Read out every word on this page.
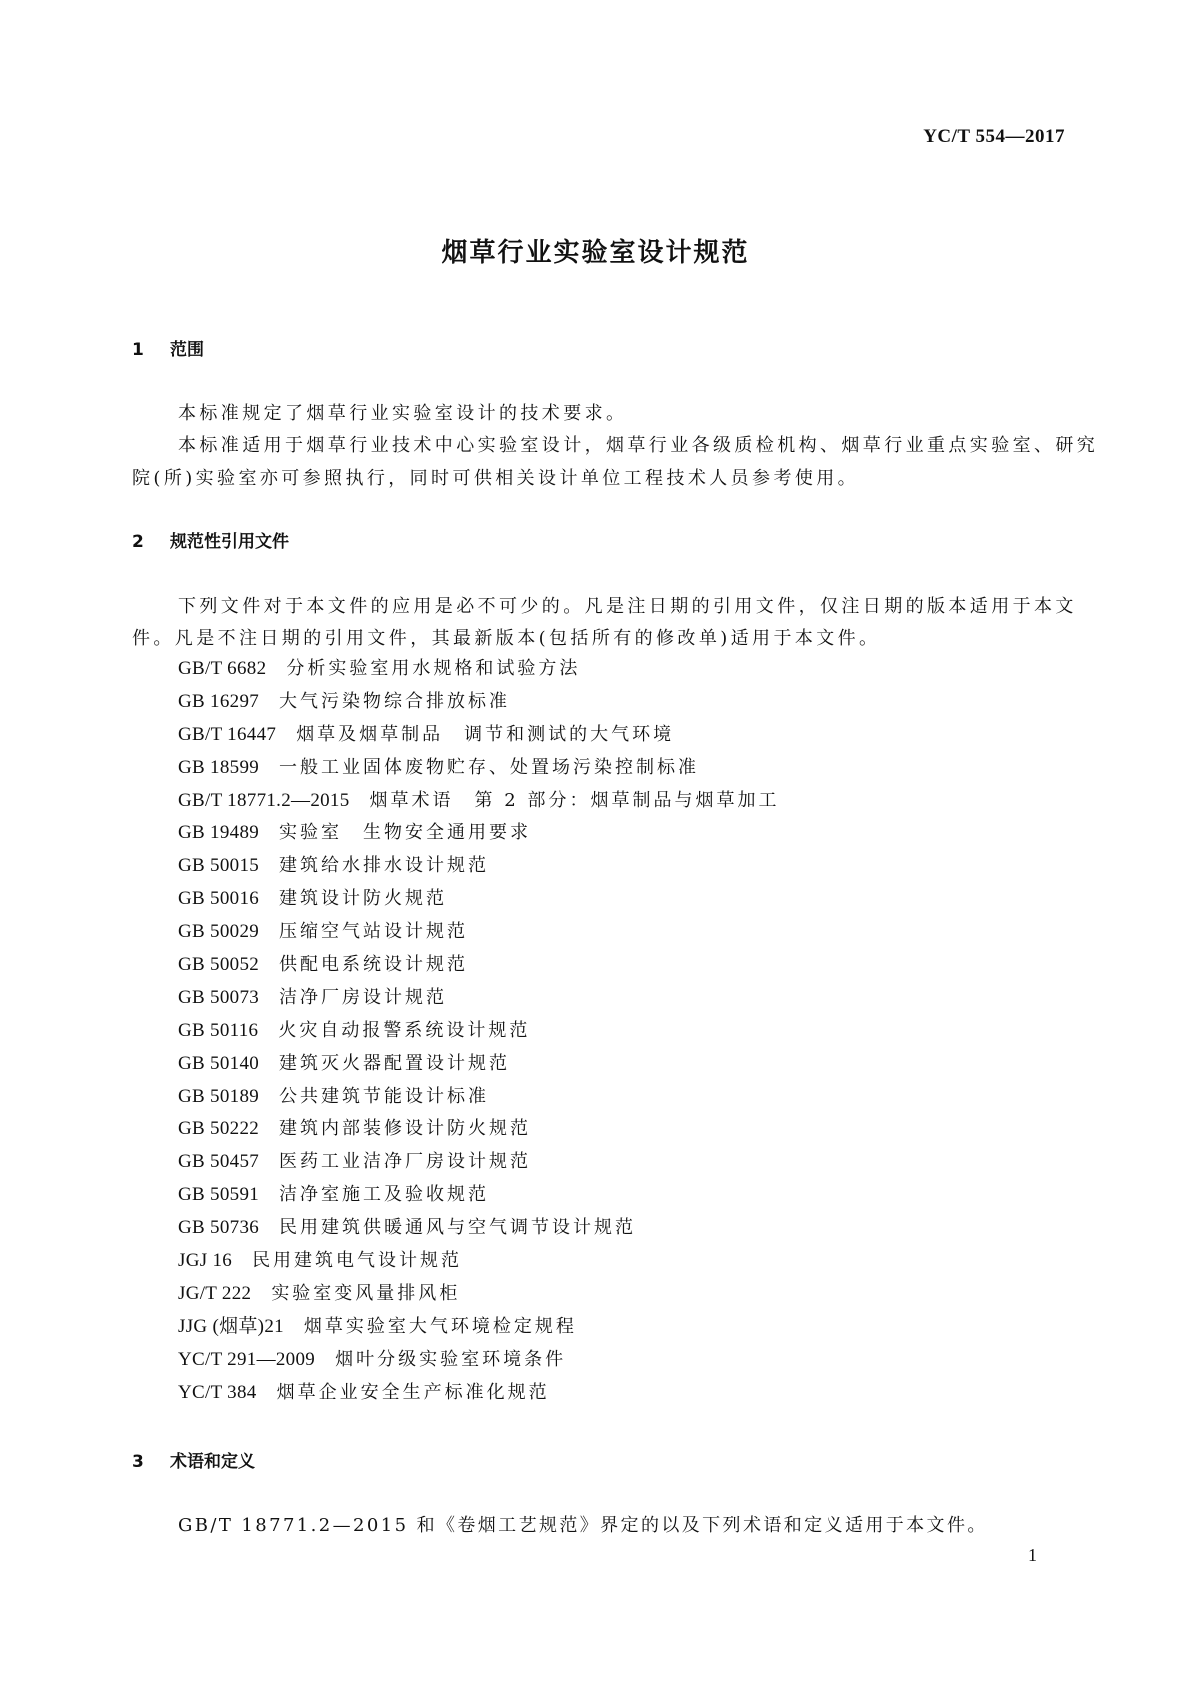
YC/T 554—2017
烟草行业实验室设计规范
1 范围
本标准规定了烟草行业实验室设计的技术要求。
本标准适用于烟草行业技术中心实验室设计，烟草行业各级质检机构、烟草行业重点实验室、研究
院(所)实验室亦可参照执行，同时可供相关设计单位工程技术人员参考使用。
2 规范性引用文件
下列文件对于本文件的应用是必不可少的。凡是注日期的引用文件，仅注日期的版本适用于本文
件。凡是不注日期的引用文件，其最新版本(包括所有的修改单)适用于本文件。
GB/T 6682 分析实验室用水规格和试验方法
GB 16297 大气污染物综合排放标准
GB/T 16447 烟草及烟草制品　调节和测试的大气环境
GB 18599 一般工业固体废物贮存、处置场污染控制标准
GB/T 18771.2—2015 烟草术语　第 2 部分：烟草制品与烟草加工
GB 19489 实验室　生物安全通用要求
GB 50015 建筑给水排水设计规范
GB 50016 建筑设计防火规范
GB 50029 压缩空气站设计规范
GB 50052 供配电系统设计规范
GB 50073 洁净厂房设计规范
GB 50116 火灾自动报警系统设计规范
GB 50140 建筑灭火器配置设计规范
GB 50189 公共建筑节能设计标准
GB 50222 建筑内部装修设计防火规范
GB 50457 医药工业洁净厂房设计规范
GB 50591 洁净室施工及验收规范
GB 50736 民用建筑供暖通风与空气调节设计规范
JGJ 16 民用建筑电气设计规范
JG/T 222 实验室变风量排风柜
JJG (烟草)21 烟草实验室大气环境检定规程
YC/T 291—2009 烟叶分级实验室环境条件
YC/T 384 烟草企业安全生产标准化规范
3 术语和定义
GB/T 18771.2—2015 和《卷烟工艺规范》界定的以及下列术语和定义适用于本文件。
1
